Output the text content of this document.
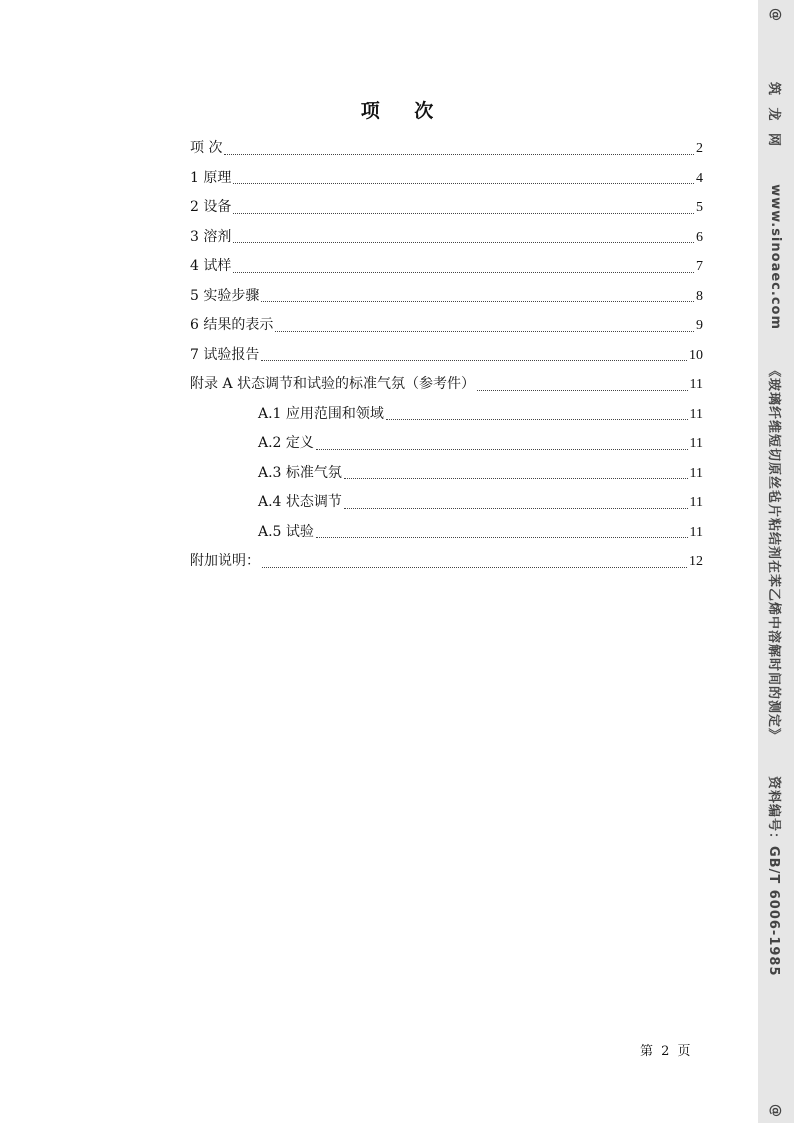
项 次
项 次	2
1 原理	4
2 设备	5
3 溶剂	6
4 试样	7
5 实验步骤	8
6 结果的表示	9
7 试验报告	10
附录 A 状态调节和试验的标准气氛（参考件）	11
A.1 应用范围和领域	11
A.2 定义	11
A.3 标准气氛	11
A.4 状态调节	11
A.5 试验	11
附加说明：	12
第 2 页
@
筑 龙 网
www.sinoaec.com
《玻璃纤维短切原丝毡片粘结剂在苯乙烯中溶解时间的测定》
资料编号：GB/T 6006-1985
@
